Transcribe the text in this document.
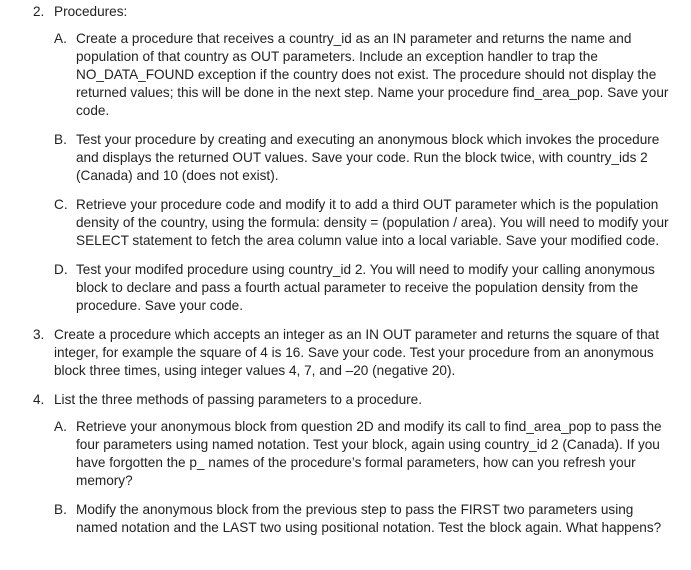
2. Procedures:
A. Create a procedure that receives a country_id as an IN parameter and returns the name and population of that country as OUT parameters. Include an exception handler to trap the NO_DATA_FOUND exception if the country does not exist. The procedure should not display the returned values; this will be done in the next step. Name your procedure find_area_pop. Save your code.
B. Test your procedure by creating and executing an anonymous block which invokes the procedure and displays the returned OUT values. Save your code. Run the block twice, with country_ids 2 (Canada) and 10 (does not exist).
C. Retrieve your procedure code and modify it to add a third OUT parameter which is the population density of the country, using the formula: density = (population / area). You will need to modify your SELECT statement to fetch the area column value into a local variable. Save your modified code.
D. Test your modifed procedure using country_id 2. You will need to modify your calling anonymous block to declare and pass a fourth actual parameter to receive the population density from the procedure. Save your code.
3. Create a procedure which accepts an integer as an IN OUT parameter and returns the square of that integer, for example the square of 4 is 16. Save your code. Test your procedure from an anonymous block three times, using integer values 4, 7, and –20 (negative 20).
4. List the three methods of passing parameters to a procedure.
A. Retrieve your anonymous block from question 2D and modify its call to find_area_pop to pass the four parameters using named notation. Test your block, again using country_id 2 (Canada). If you have forgotten the p_ names of the procedure’s formal parameters, how can you refresh your memory?
B. Modify the anonymous block from the previous step to pass the FIRST two parameters using named notation and the LAST two using positional notation. Test the block again. What happens?
